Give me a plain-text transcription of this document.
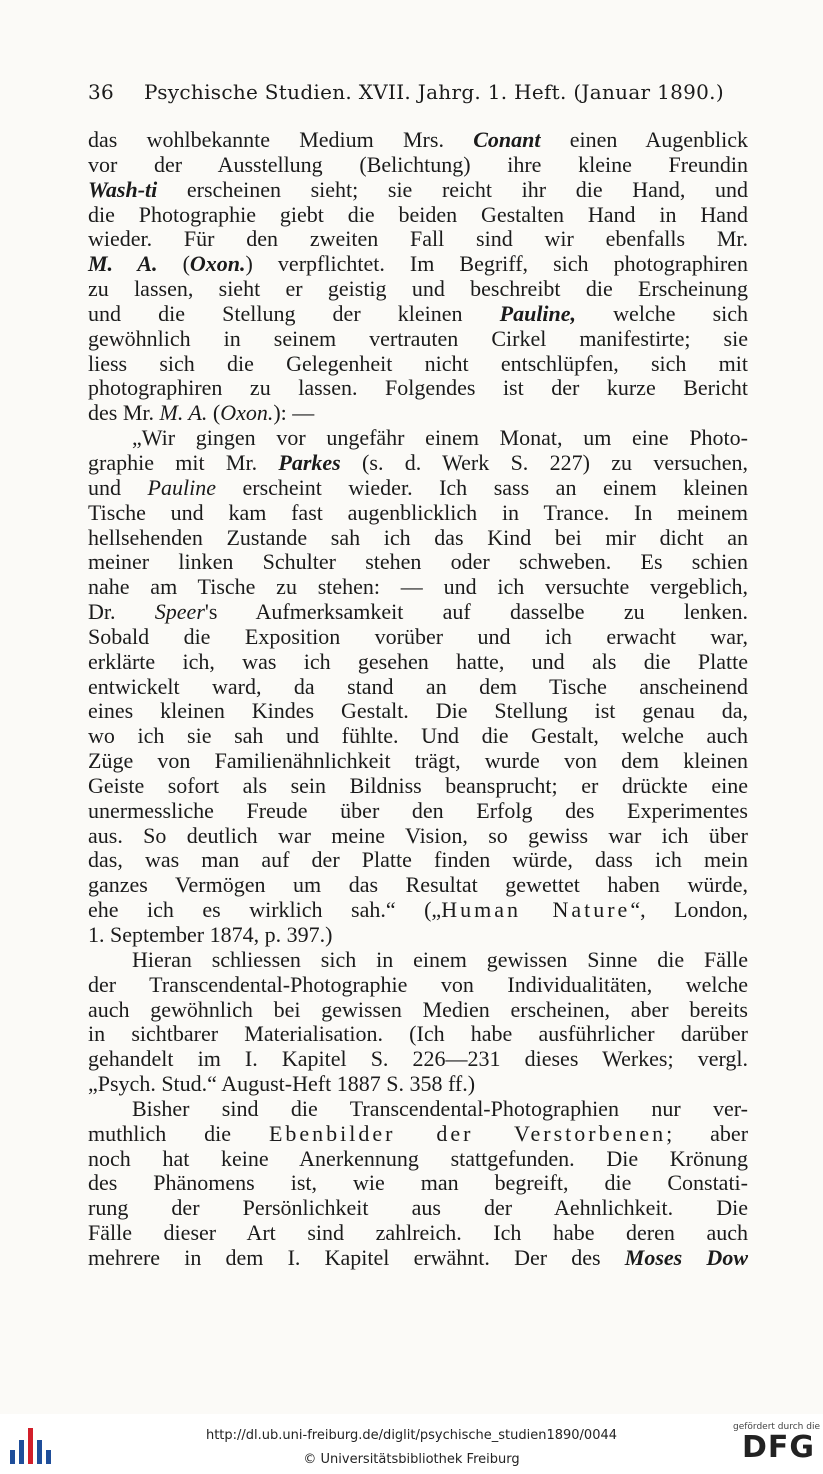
36 Psychische Studien. XVII. Jahrg. 1. Heft. (Januar 1890.)

das wohlbekannte Medium Mrs. Conant einen Augenblick

vor der Ausstellung (Belichtung) ihre kleine Freundin

Wash-ti erscheinen sieht; sie reicht ihr die Hand, und

die Photographie giebt die beiden Gestalten Hand in Hand

wieder. Für den zweiten Fall sind wir ebenfalls Mr.

M. A. (Oxon.) verpflichtet. Im Begriff, sich photographiren

zu lassen, sieht er geistig und beschreibt die Erscheinung

und die Stellung der kleinen Pauline, welche sich

gewöhnlich in seinem vertrauten Cirkel manifestirte; sie

liess sich die Gelegenheit nicht entschlüpfen, sich mit

photographiren zu lassen. Folgendes ist der kurze Bericht

des Mr. M. A. (Oxon.): —

„Wir gingen vor ungefähr einem Monat, um eine Photo-

graphie mit Mr. Parkes (s. d. Werk S. 227) zu versuchen,

und Pauline erscheint wieder. Ich sass an einem kleinen

Tische und kam fast augenblicklich in Trance. In meinem

hellsehenden Zustande sah ich das Kind bei mir dicht an

meiner linken Schulter stehen oder schweben. Es schien

nahe am Tische zu stehen: — und ich versuchte vergeblich,

Dr. Speer's Aufmerksamkeit auf dasselbe zu lenken.

Sobald die Exposition vorüber und ich erwacht war,

erklärte ich, was ich gesehen hatte, und als die Platte

entwickelt ward, da stand an dem Tische anscheinend

eines kleinen Kindes Gestalt. Die Stellung ist genau da,

wo ich sie sah und fühlte. Und die Gestalt, welche auch

Züge von Familienähnlichkeit trägt, wurde von dem kleinen

Geiste sofort als sein Bildniss beansprucht; er drückte eine

unermessliche Freude über den Erfolg des Experimentes

aus. So deutlich war meine Vision, so gewiss war ich über

das, was man auf der Platte finden würde, dass ich mein

ganzes Vermögen um das Resultat gewettet haben würde,

ehe ich es wirklich sah.“ („Human Nature“, London,

1. September 1874, p. 397.)

Hieran schliessen sich in einem gewissen Sinne die Fälle

der Transcendental-Photographie von Individualitäten, welche

auch gewöhnlich bei gewissen Medien erscheinen, aber bereits

in sichtbarer Materialisation. (Ich habe ausführlicher darüber

gehandelt im I. Kapitel S. 226—231 dieses Werkes; vergl.

„Psych. Stud.“ August-Heft 1887 S. 358 ff.)

Bisher sind die Transcendental-Photographien nur ver-

muthlich die Ebenbilder der Verstorbenen; aber

noch hat keine Anerkennung stattgefunden. Die Krönung

des Phänomens ist, wie man begreift, die Constati-

rung der Persönlichkeit aus der Aehnlichkeit. Die

Fälle dieser Art sind zahlreich. Ich habe deren auch

mehrere in dem I. Kapitel erwähnt. Der des Moses Dow

http://dl.ub.uni-freiburg.de/diglit/psychische_studien1890/0044
© Universitätsbibliothek Freiburg
gefördert durch die
DFG
